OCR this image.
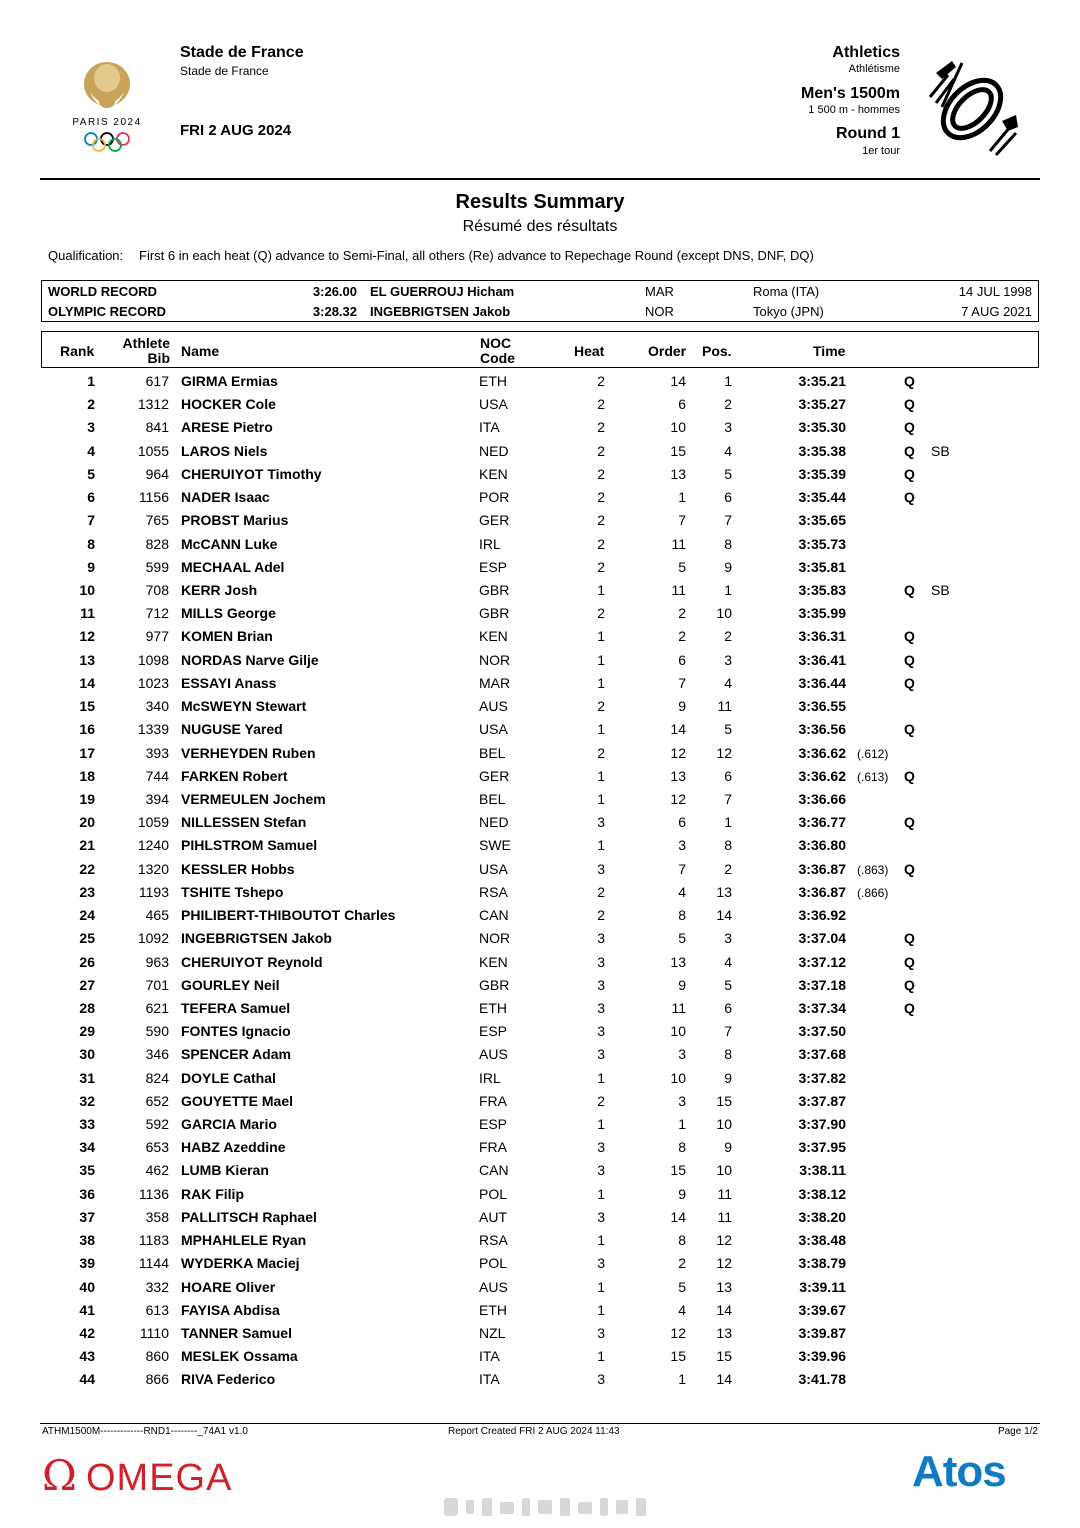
PARIS 2024
Stade de France
Stade de France
FRI 2 AUG 2024
Athletics
Athlétisme
Men's 1500m
1 500 m - hommes
Round 1
1er tour
Results Summary
Résumé des résultats
Qualification: First 6 in each heat (Q) advance to Semi-Final, all others (Re) advance to Repechage Round (except DNS, DNF, DQ)
WORLD RECORD	3:26.00 EL GUERROUJ Hicham	MAR	Roma (ITA)	14 JUL 1998
OLYMPIC RECORD	3:28.32 INGEBRIGTSEN Jakob	NOR	Tokyo (JPN)	7 AUG 2021
Rank Athlete
Bib Name	NOC
Code	Heat	Order Pos.	Time
1	617 GIRMA Ermias	ETH	2	14	1	3:35.21	Q
2	1312 HOCKER Cole	USA	2	6	2	3:35.27	Q
3	841 ARESE Pietro	ITA	2	10	3	3:35.30	Q
4	1055 LAROS Niels	NED	2	15	4	3:35.38	Q SB
5	964 CHERUIYOT Timothy	KEN	2	13	5	3:35.39	Q
6	1156 NADER Isaac	POR	2	1	6	3:35.44	Q
7	765 PROBST Marius	GER	2	7	7	3:35.65
8	828 McCANN Luke	IRL	2	11	8	3:35.73
9	599 MECHAAL Adel	ESP	2	5	9	3:35.81
10	708 KERR Josh	GBR	1	11	1	3:35.83	Q SB
11	712 MILLS George	GBR	2	2	10	3:35.99
12	977 KOMEN Brian	KEN	1	2	2	3:36.31	Q
13	1098 NORDAS Narve Gilje	NOR	1	6	3	3:36.41	Q
14	1023 ESSAYI Anass	MAR	1	7	4	3:36.44	Q
15	340 McSWEYN Stewart	AUS	2	9	11	3:36.55
16	1339 NUGUSE Yared	USA	1	14	5	3:36.56	Q
17	393 VERHEYDEN Ruben	BEL	2	12	12	3:36.62 (.612)
18	744 FARKEN Robert	GER	1	13	6	3:36.62 (.613) Q
19	394 VERMEULEN Jochem	BEL	1	12	7	3:36.66
20	1059 NILLESSEN Stefan	NED	3	6	1	3:36.77	Q
21	1240 PIHLSTROM Samuel	SWE	1	3	8	3:36.80
22	1320 KESSLER Hobbs	USA	3	7	2	3:36.87 (.863) Q
23	1193 TSHITE Tshepo	RSA	2	4	13	3:36.87 (.866)
24	465 PHILIBERT-THIBOUTOT Charles	CAN	2	8	14	3:36.92
25	1092 INGEBRIGTSEN Jakob	NOR	3	5	3	3:37.04	Q
26	963 CHERUIYOT Reynold	KEN	3	13	4	3:37.12	Q
27	701 GOURLEY Neil	GBR	3	9	5	3:37.18	Q
28	621 TEFERA Samuel	ETH	3	11	6	3:37.34	Q
29	590 FONTES Ignacio	ESP	3	10	7	3:37.50
30	346 SPENCER Adam	AUS	3	3	8	3:37.68
31	824 DOYLE Cathal	IRL	1	10	9	3:37.82
32	652 GOUYETTE Mael	FRA	2	3	15	3:37.87
33	592 GARCIA Mario	ESP	1	1	10	3:37.90
34	653 HABZ Azeddine	FRA	3	8	9	3:37.95
35	462 LUMB Kieran	CAN	3	15	10	3:38.11
36	1136 RAK Filip	POL	1	9	11	3:38.12
37	358 PALLITSCH Raphael	AUT	3	14	11	3:38.20
38	1183 MPHAHLELE Ryan	RSA	1	8	12	3:38.48
39	1144 WYDERKA Maciej	POL	3	2	12	3:38.79
40	332 HOARE Oliver	AUS	1	5	13	3:39.11
41	613 FAYISA Abdisa	ETH	1	4	14	3:39.67
42	1110 TANNER Samuel	NZL	3	12	13	3:39.87
43	860 MESLEK Ossama	ITA	1	15	15	3:39.96
44	866 RIVA Federico	ITA	3	1	14	3:41.78
ATHM1500M-------------RND1--------_74A1 v1.0	Report Created FRI 2 AUG 2024 11:43	Page 1/2
Ω OMEGA	Atos
